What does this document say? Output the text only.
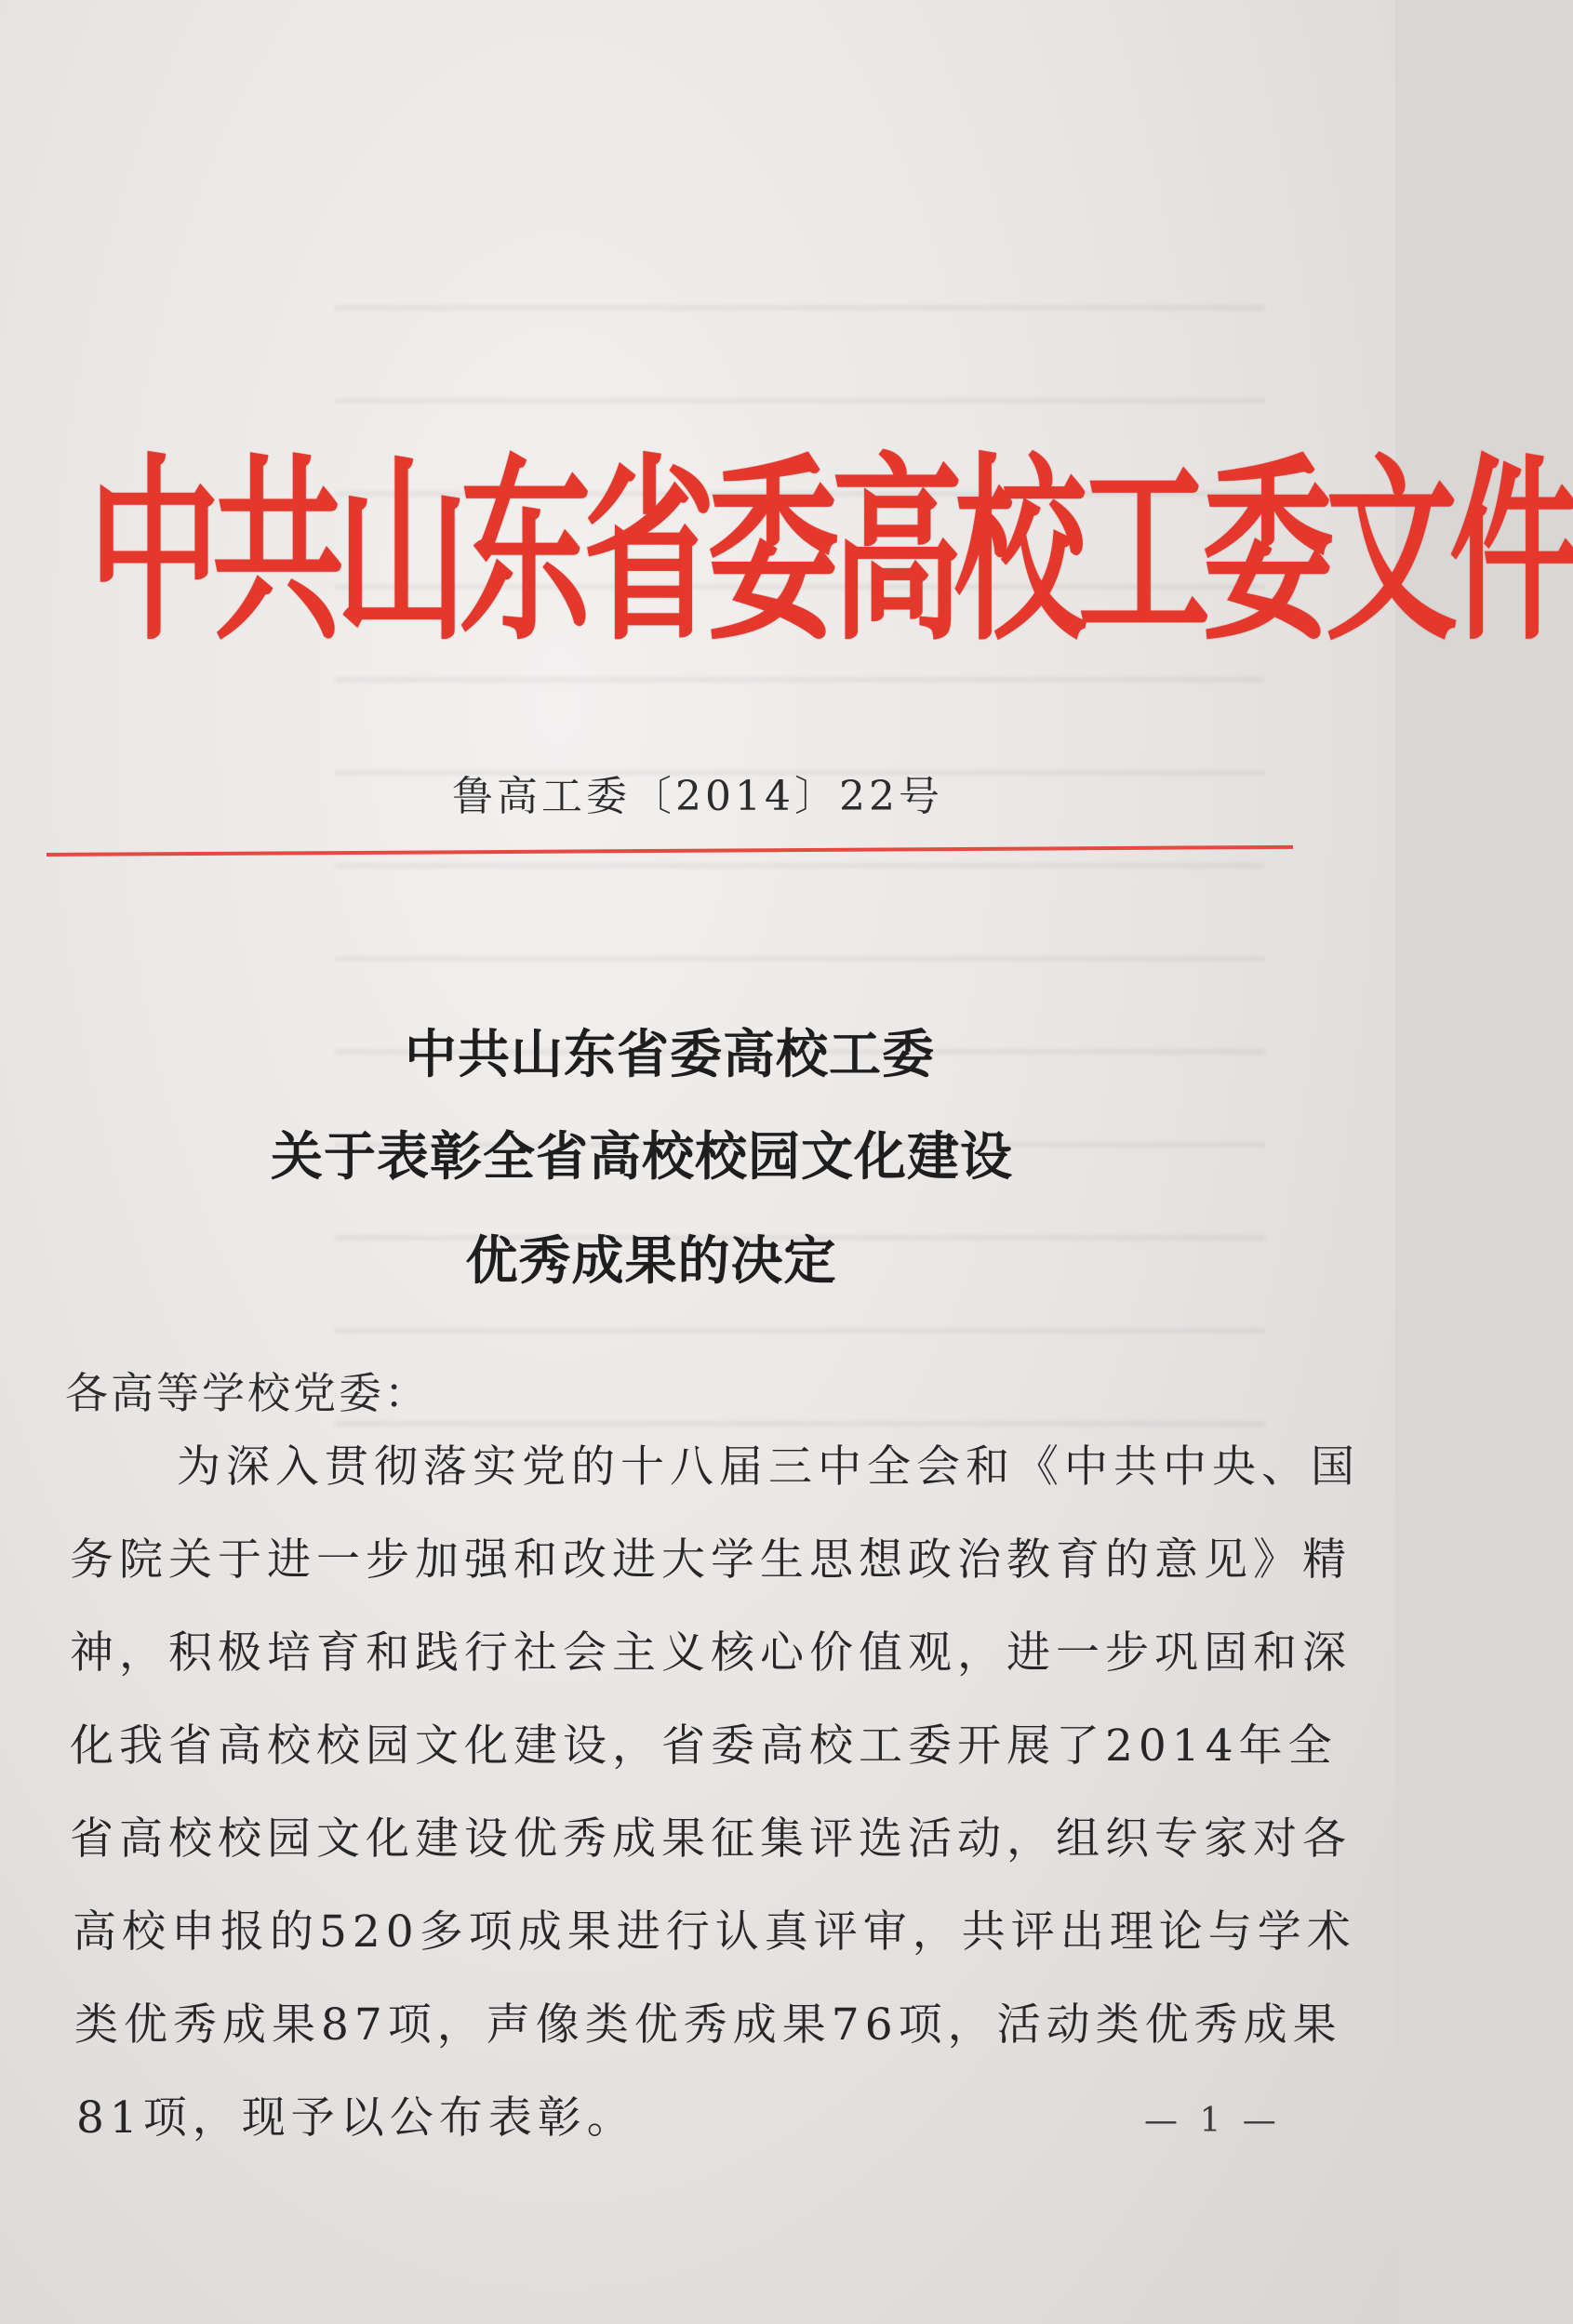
中共山东省委高校工委文件
鲁高工委〔2014〕22号
中共山东省委高校工委
关于表彰全省高校校园文化建设
优秀成果的决定
各高等学校党委：
为深入贯彻落实党的十八届三中全会和《中共中央、国
务院关于进一步加强和改进大学生思想政治教育的意见》精
神，积极培育和践行社会主义核心价值观，进一步巩固和深
化我省高校校园文化建设，省委高校工委开展了2014年全
省高校校园文化建设优秀成果征集评选活动，组织专家对各
高校申报的520多项成果进行认真评审，共评出理论与学术
类优秀成果87项，声像类优秀成果76项，活动类优秀成果
81项，现予以公布表彰。	— 1 —
